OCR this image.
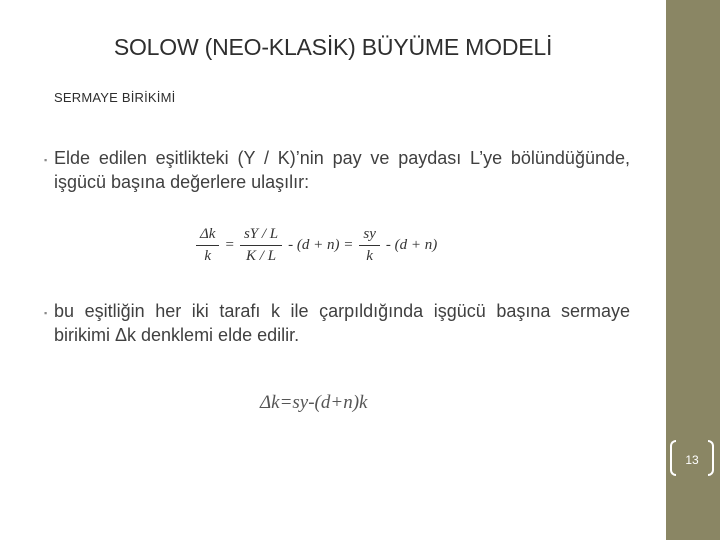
SOLOW (NEO-KLASİK) BÜYÜME MODELİ
SERMAYE BİRİKİMİ
▪ Elde edilen eşitlikteki (Y / K)’nin pay ve paydası L’ye bölündüğünde, işgücü başına değerlere ulaşılır:
$\frac{\Delta k}{k} = \frac{sY / L}{K / L} - (d + n) = \frac{sy}{k} - (d + n)$
▪ bu eşitliğin her iki tarafı k ile çarpıldığında işgücü başına sermaye birikimi Δk denklemi elde edilir.
Δk=sy-(d+n)k
13
